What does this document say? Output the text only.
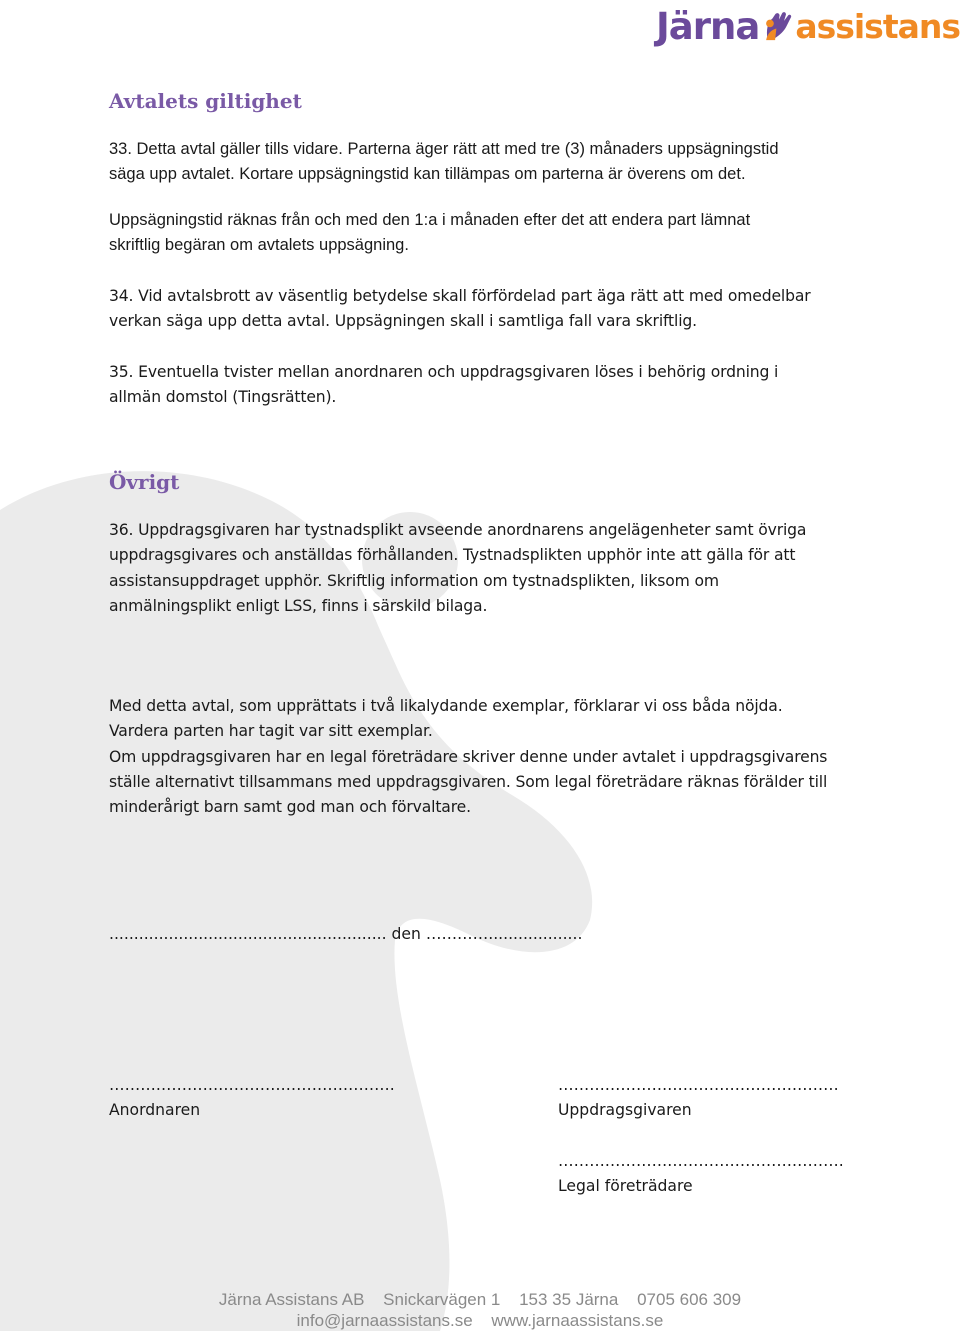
Järna assistans
Avtalets giltighet

33. Detta avtal gäller tills vidare. Parterna äger rätt att med tre (3) månaders uppsägningstid
säga upp avtalet. Kortare uppsägningstid kan tillämpas om parterna är överens om det.

Uppsägningstid räknas från och med den 1:a i månaden efter det att endera part lämnat
skriftlig begäran om avtalets uppsägning.

34. Vid avtalsbrott av väsentlig betydelse skall förfördelad part äga rätt att med omedelbar
verkan säga upp detta avtal. Uppsägningen skall i samtliga fall vara skriftlig.

35. Eventuella tvister mellan anordnaren och uppdragsgivaren löses i behörig ordning i
allmän domstol (Tingsrätten).

Övrigt

36. Uppdragsgivaren har tystnadsplikt avseende anordnarens angelägenheter samt övriga
uppdragsgivares och anställdas förhållanden. Tystnadsplikten upphör inte att gälla för att
assistansuppdraget upphör. Skriftlig information om tystnadsplikten, liksom om
anmälningsplikt enligt LSS, finns i särskild bilaga.

Med detta avtal, som upprättats i två likalydande exemplar, förklarar vi oss båda nöjda.
Vardera parten har tagit var sitt exemplar.
Om uppdragsgivaren har en legal företrädare skriver denne under avtalet i uppdragsgivarens
ställe alternativt tillsammans med uppdragsgivaren. Som legal företrädare räknas förälder till
minderårigt barn samt god man och förvaltare.

........................................................ den …………...................
……………………………………………….
Anordnaren
………………………………………………
Uppdragsgivaren
……………………………………………….
Legal företrädare
Järna Assistans AB Snickarvägen 1 153 35 Järna 0705 606 309
info@jarnaassistans.se www.jarnaassistans.se
